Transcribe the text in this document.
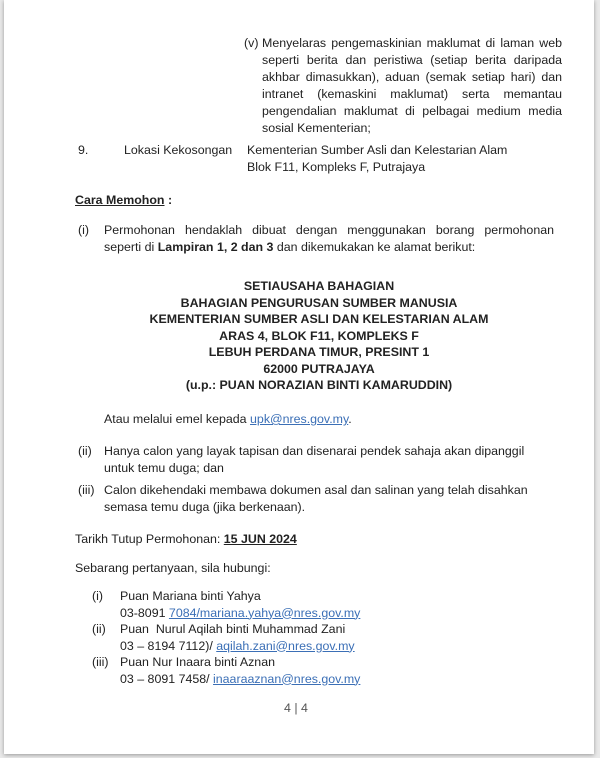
(v) Menyelaras pengemaskinian maklumat di laman web
seperti berita dan peristiwa (setiap berita daripada
akhbar dimasukkan), aduan (semak setiap hari) dan
intranet (kemaskini maklumat) serta memantau
pengendalian maklumat di pelbagai medium media
sosial Kementerian;
9.	Lokasi Kekosongan Kementerian Sumber Asli dan Kelestarian Alam
Blok F11, Kompleks F, Putrajaya
Cara Memohon :
(i) Permohonan hendaklah dibuat dengan menggunakan borang permohonan
seperti di Lampiran 1, 2 dan 3 dan dikemukakan ke alamat berikut:
SETIAUSAHA BAHAGIAN
BAHAGIAN PENGURUSAN SUMBER MANUSIA
KEMENTERIAN SUMBER ASLI DAN KELESTARIAN ALAM
ARAS 4, BLOK F11, KOMPLEKS F
LEBUH PERDANA TIMUR, PRESINT 1
62000 PUTRAJAYA
(u.p.: PUAN NORAZIAN BINTI KAMARUDDIN)
Atau melalui emel kepada upk@nres.gov.my.
(ii) Hanya calon yang layak tapisan dan disenarai pendek sahaja akan dipanggil
untuk temu duga; dan
(iii) Calon dikehendaki membawa dokumen asal dan salinan yang telah disahkan
semasa temu duga (jika berkenaan).
Tarikh Tutup Permohonan: 15 JUN 2024
Sebarang pertanyaan, sila hubungi:
(i) Puan Mariana binti Yahya
03-8091 7084/mariana.yahya@nres.gov.my
(ii) Puan  Nurul Aqilah binti Muhammad Zani
03 – 8194 7112)/ aqilah.zani@nres.gov.my
(iii) Puan Nur Inaara binti Aznan
03 – 8091 7458/ inaaraaznan@nres.gov.my
4 | 4
